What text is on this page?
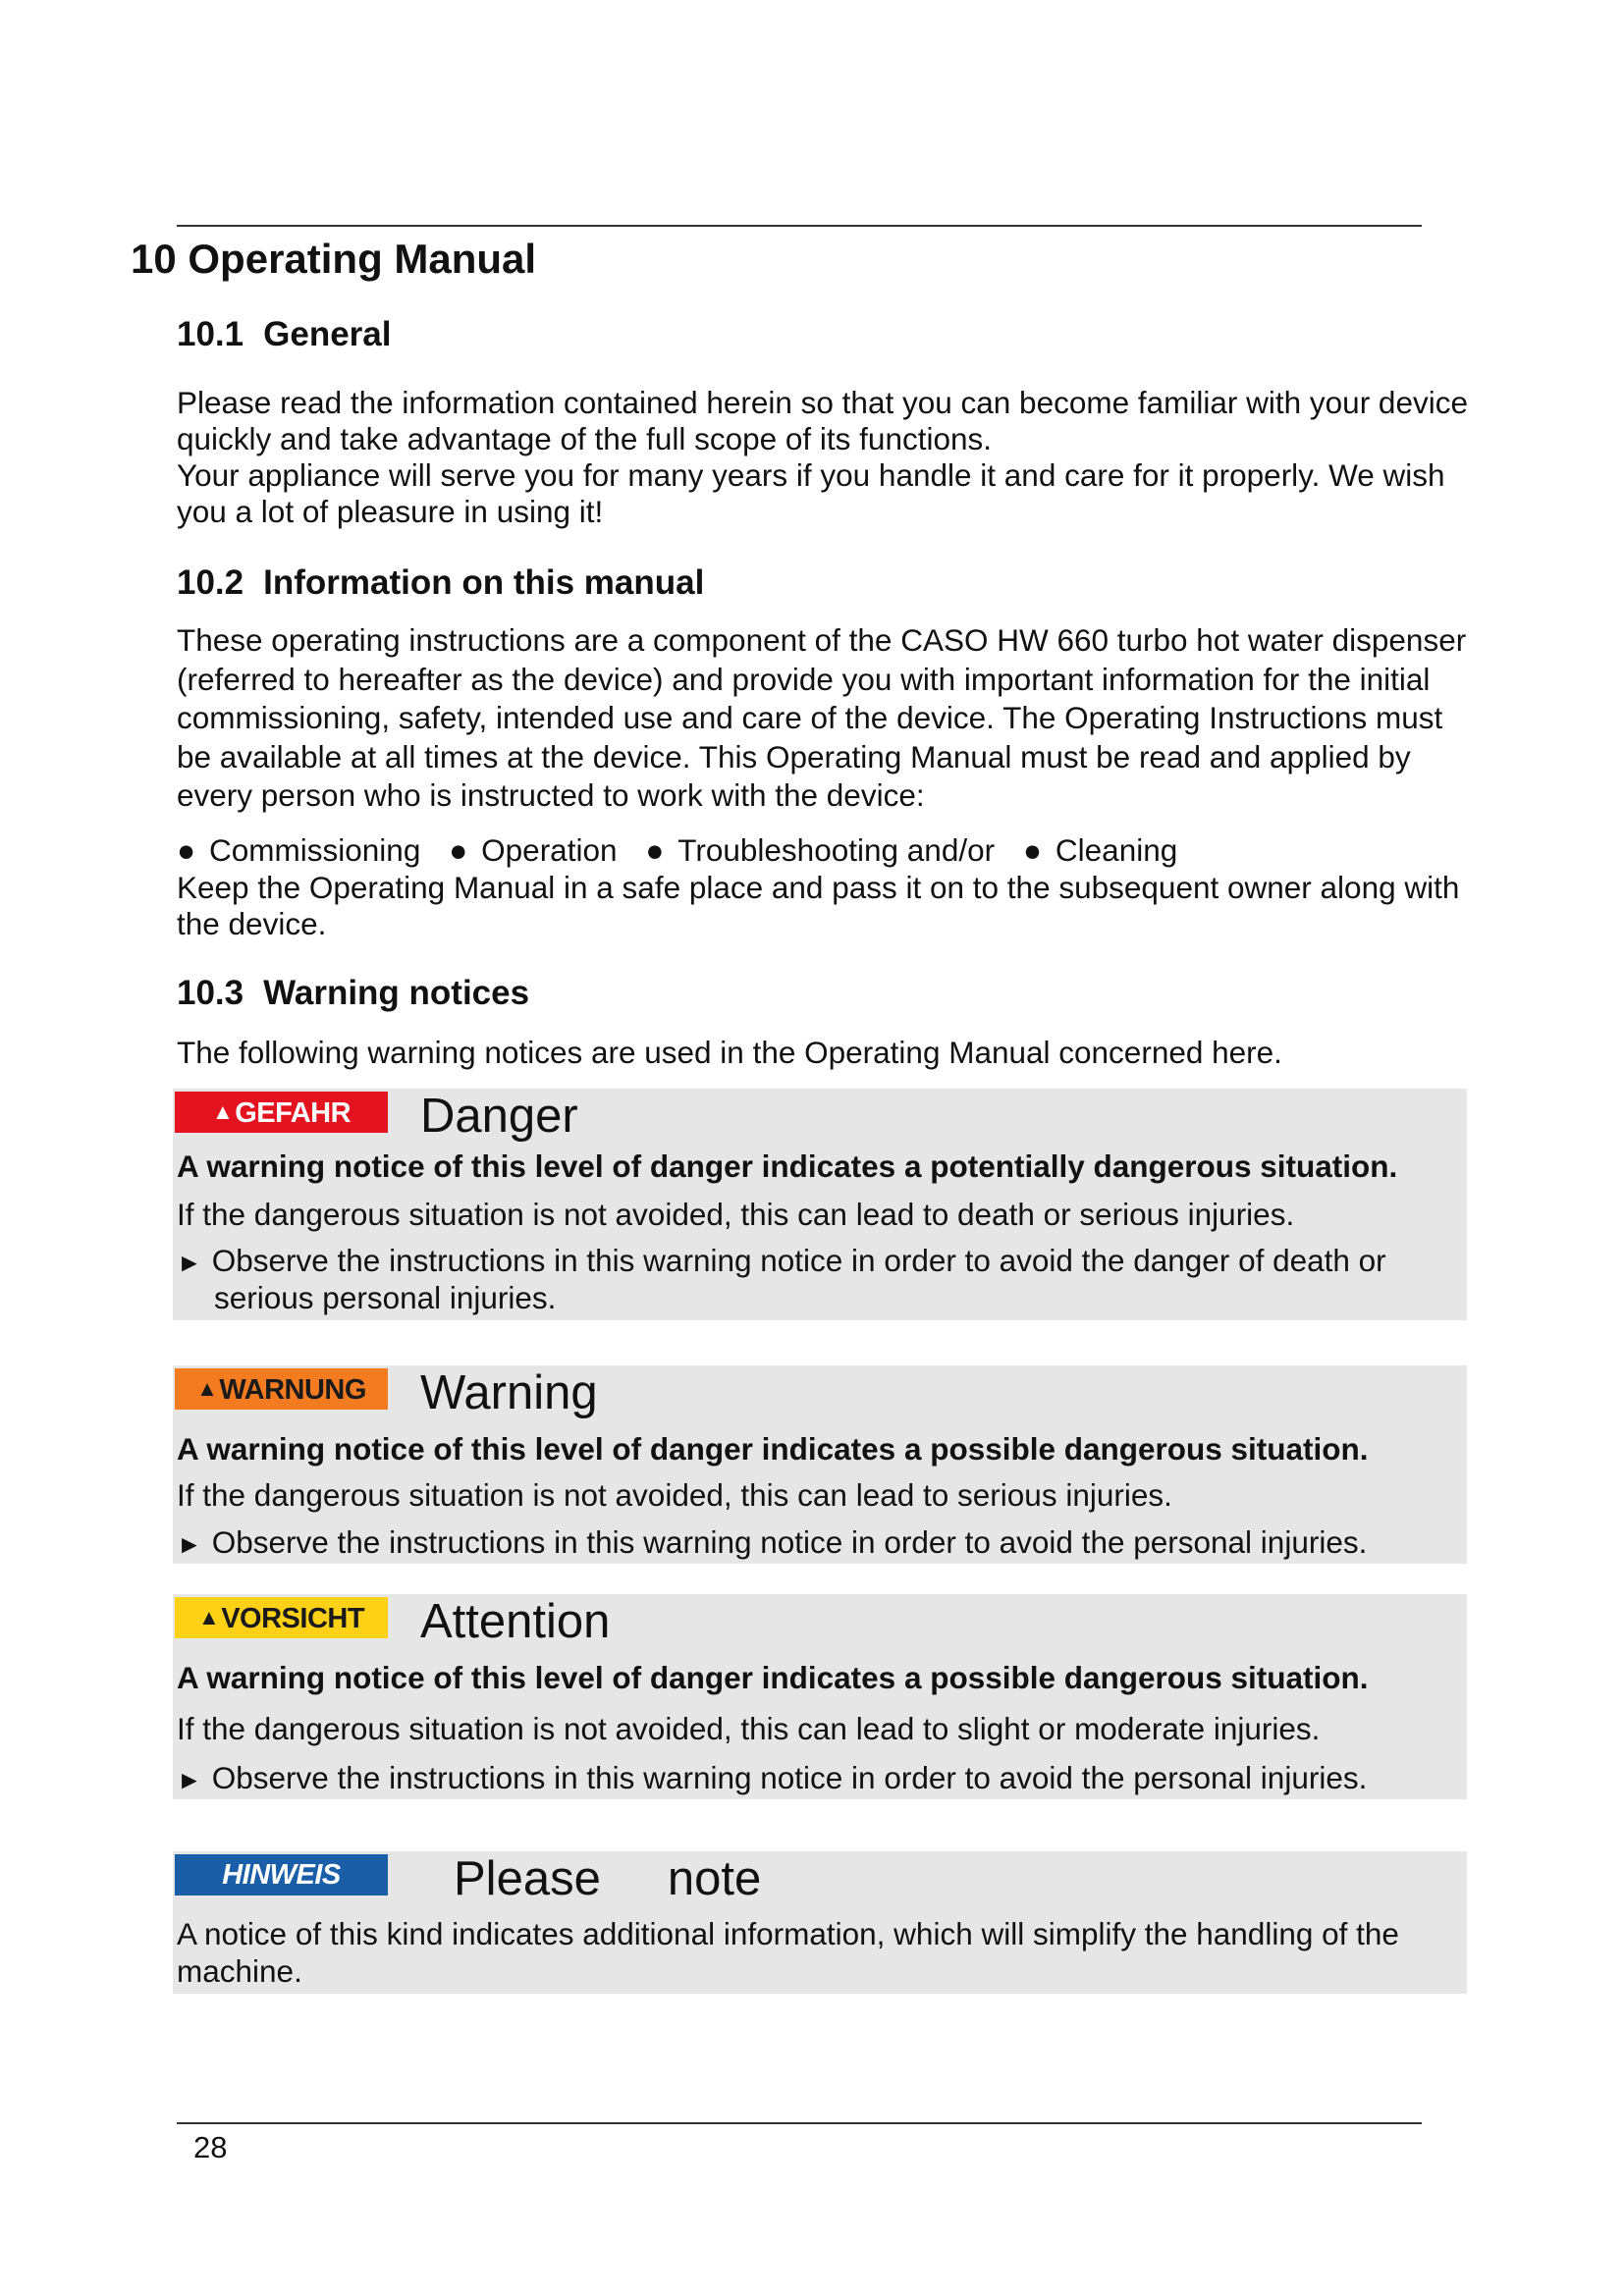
10 Operating Manual
10.1 General

Please read the information contained herein so that you can become familiar with your device quickly and take advantage of the full scope of its functions.

Your appliance will serve you for many years if you handle it and care for it properly. We wish you a lot of pleasure in using it!

10.2 Information on this manual

These operating instructions are a component of the CASO HW 660 turbo hot water dispenser (referred to hereafter as the device) and provide you with important information for the initial commissioning, safety, intended use and care of the device. The Operating Instructions must be available at all times at the device. This Operating Manual must be read and applied by every person who is instructed to work with the device:

● Commissioning ● Operation ● Troubleshooting and/or ● Cleaning

Keep the Operating Manual in a safe place and pass it on to the subsequent owner along with the device.

10.3 Warning notices

The following warning notices are used in the Operating Manual concerned here.

▲GEFAHR	Danger
A warning notice of this level of danger indicates a potentially dangerous situation.
If the dangerous situation is not avoided, this can lead to death or serious injuries.
► Observe the instructions in this warning notice in order to avoid the danger of death or serious personal injuries.
▲WARNUNG	Warning
A warning notice of this level of danger indicates a possible dangerous situation.
If the dangerous situation is not avoided, this can lead to serious injuries.
► Observe the instructions in this warning notice in order to avoid the personal injuries.
▲VORSICHT	Attention
A warning notice of this level of danger indicates a possible dangerous situation.
If the dangerous situation is not avoided, this can lead to slight or moderate injuries.
► Observe the instructions in this warning notice in order to avoid the personal injuries.
HINWEIS	Please note
A notice of this kind indicates additional information, which will simplify the handling of the machine.
28
